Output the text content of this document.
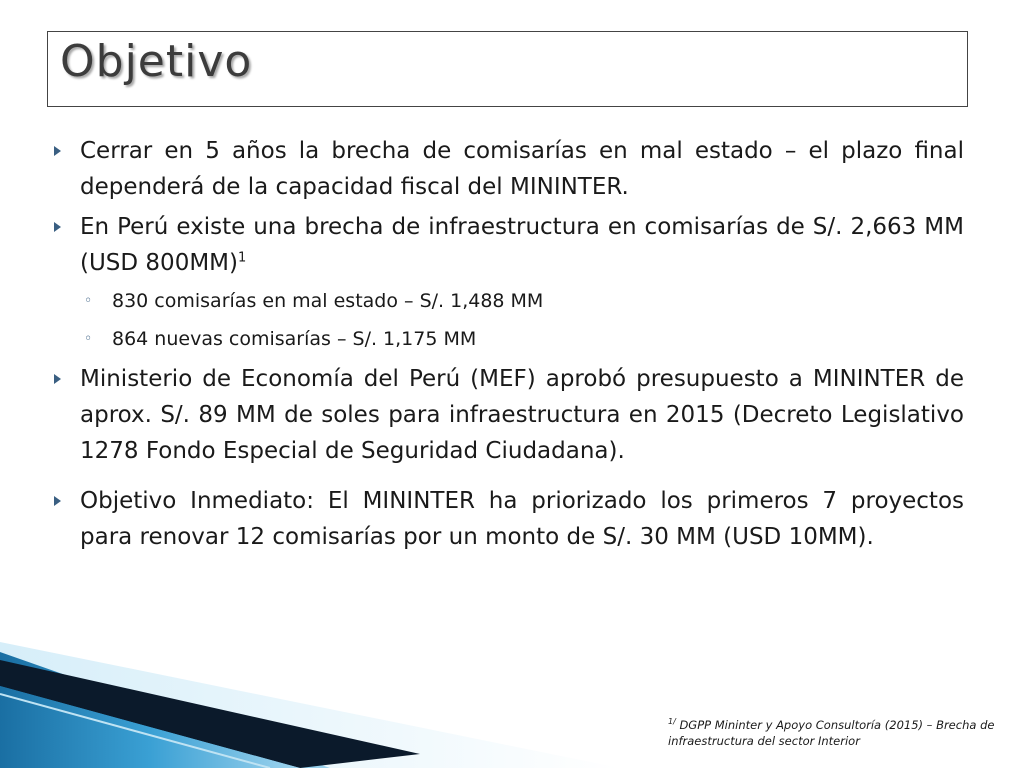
Objetivo
Cerrar en 5 años la brecha de comisarías en mal estado – el plazo final dependerá de la capacidad fiscal del MININTER.
En Perú existe una brecha de infraestructura en comisarías de S/. 2,663 MM (USD 800MM)$^1$
◦ 830 comisarías en mal estado – S/. 1,488 MM
◦ 864 nuevas comisarías – S/. 1,175 MM
Ministerio de Economía del Perú (MEF) aprobó presupuesto a MININTER de aprox. S/. 89 MM de soles para infraestructura en 2015 (Decreto Legislativo 1278 Fondo Especial de Seguridad Ciudadana).
Objetivo Inmediato: El MININTER ha priorizado los primeros 7 proyectos para renovar 12 comisarías por un monto de S/. 30 MM (USD 10MM).
$^{1/}$ DGPP Mininter y Apoyo Consultoría (2015) – Brecha de infraestructura del sector Interior
